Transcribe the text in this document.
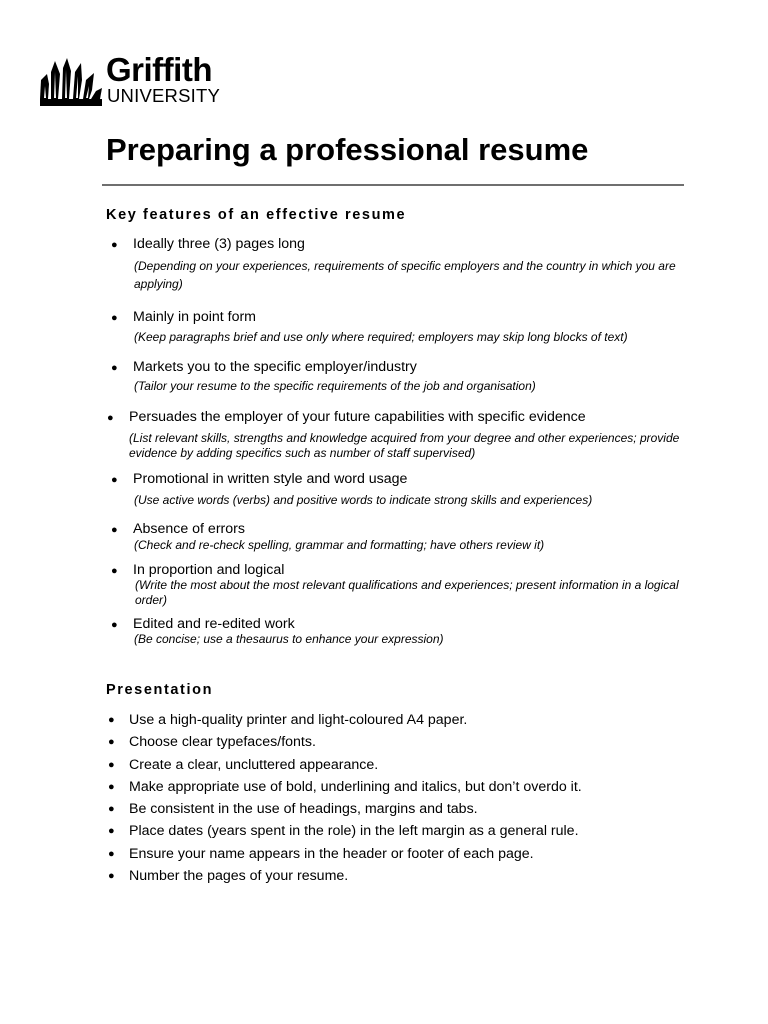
Griffith
UNIVERSITY
Preparing a professional resume
Key features of an effective resume
● Ideally three (3) pages long
(Depending on your experiences, requirements of specific employers and the country in which you are applying)
● Mainly in point form
(Keep paragraphs brief and use only where required; employers may skip long blocks of text)
● Markets you to the specific employer/industry
(Tailor your resume to the specific requirements of the job and organisation)
● Persuades the employer of your future capabilities with specific evidence
(List relevant skills, strengths and knowledge acquired from your degree and other experiences; provide evidence by adding specifics such as number of staff supervised)
● Promotional in written style and word usage
(Use active words (verbs) and positive words to indicate strong skills and experiences)
● Absence of errors
(Check and re-check spelling, grammar and formatting; have others review it)
● In proportion and logical
(Write the most about the most relevant qualifications and experiences; present information in a logical order)
● Edited and re-edited work
(Be concise; use a thesaurus to enhance your expression)
Presentation
● Use a high-quality printer and light-coloured A4 paper.
● Choose clear typefaces/fonts.
● Create a clear, uncluttered appearance.
● Make appropriate use of bold, underlining and italics, but don’t overdo it.
● Be consistent in the use of headings, margins and tabs.
● Place dates (years spent in the role) in the left margin as a general rule.
● Ensure your name appears in the header or footer of each page.
● Number the pages of your resume.
